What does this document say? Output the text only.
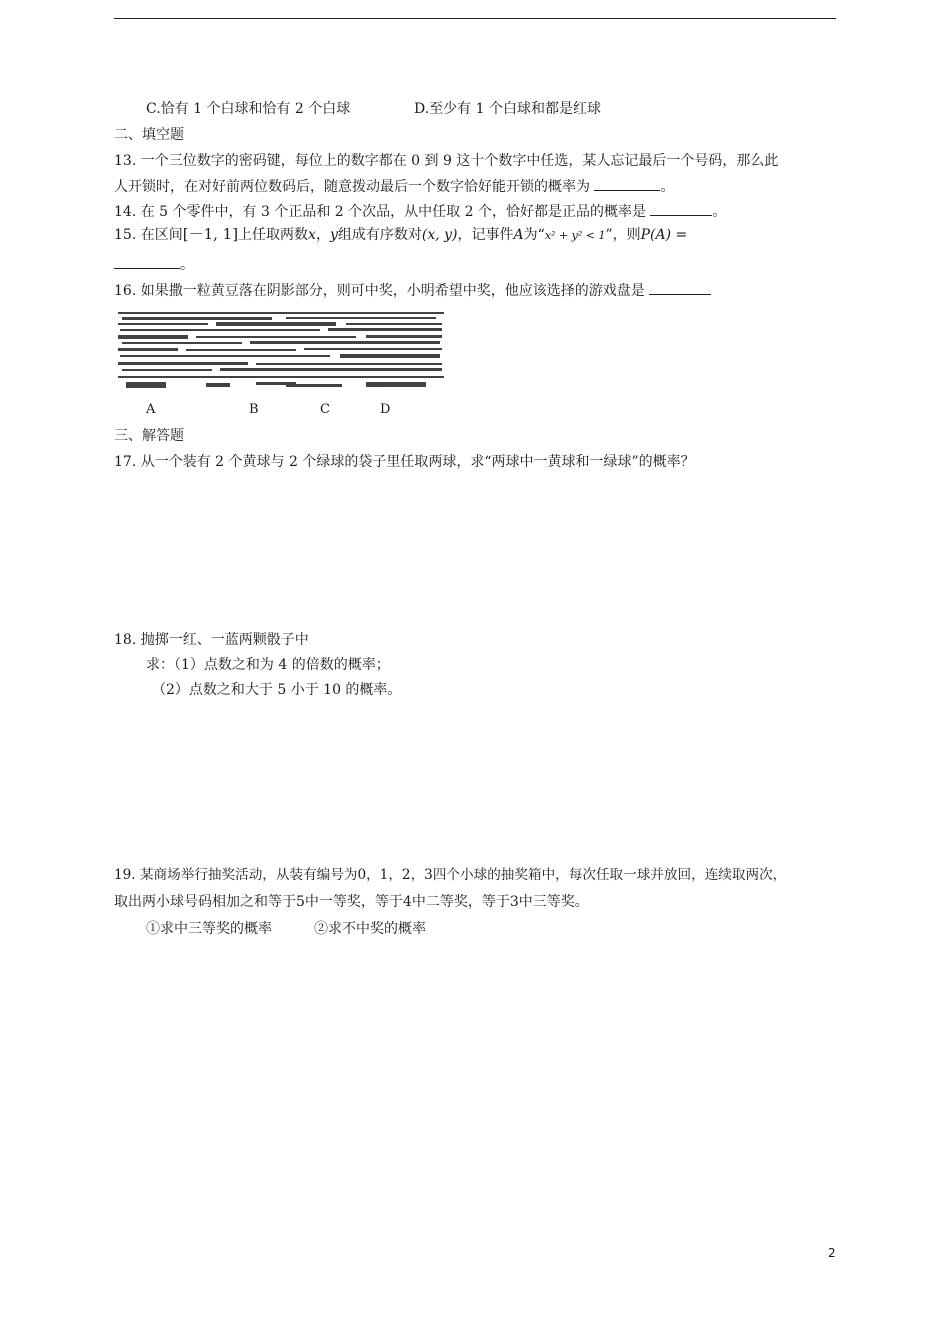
C.恰有 1 个白球和恰有 2 个白球	D.至少有 1 个白球和都是红球
二、填空题
13. 一个三位数字的密码键，每位上的数字都在 0 到 9 这十个数字中任选，某人忘记最后一个号码，那么此
人开锁时，在对好前两位数码后，随意拨动最后一个数字恰好能开锁的概率为	。
14. 在 5 个零件中，有 3 个正品和 2 个次品，从中任取 2 个，恰好都是正品的概率是	。
15. 在区间[－1, 1]上任取两数x，y组成有序数对(x, y)，记事件A为“x² + y² < 1”，则P(A) =
。
16. 如果撒一粒黄豆落在阴影部分，则可中奖，小明希望中奖，他应该选择的游戏盘是
A	B	C	D
三、解答题
17. 从一个装有 2 个黄球与 2 个绿球的袋子里任取两球，求“两球中一黄球和一绿球”的概率？
18. 抛掷一红、一蓝两颗骰子中
求：（1）点数之和为 4 的倍数的概率；
（2）点数之和大于 5 小于 10 的概率。
19. 某商场举行抽奖活动，从装有编号为0，1，2，3四个小球的抽奖箱中，每次任取一球并放回，连续取两次，
取出两小球号码相加之和等于5中一等奖，等于4中二等奖，等于3中三等奖。
①求中三等奖的概率	②求不中奖的概率
2
